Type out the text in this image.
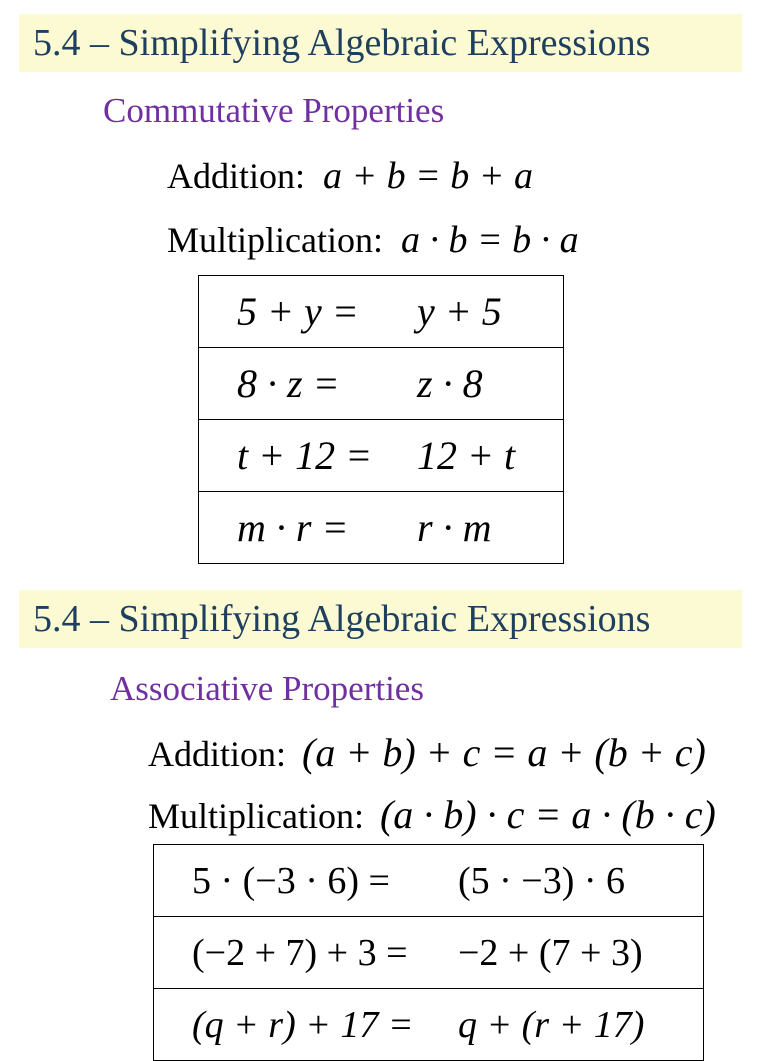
5.4 – Simplifying Algebraic Expressions
Commutative Properties
Addition: a + b = b + a
Multiplication: a · b = b · a
5 + y =	y + 5
8 · z =	z · 8
t + 12 =	12 + t
m · r =	r · m
5.4 – Simplifying Algebraic Expressions
Associative Properties
Addition: (a + b) + c = a + (b + c)
Multiplication: (a · b) · c = a · (b · c)
5 · (−3 · 6) =	(5 · −3) · 6
(−2 + 7) + 3 =	−2 + (7 + 3)
(q + r) + 17 =	q + (r + 17)
